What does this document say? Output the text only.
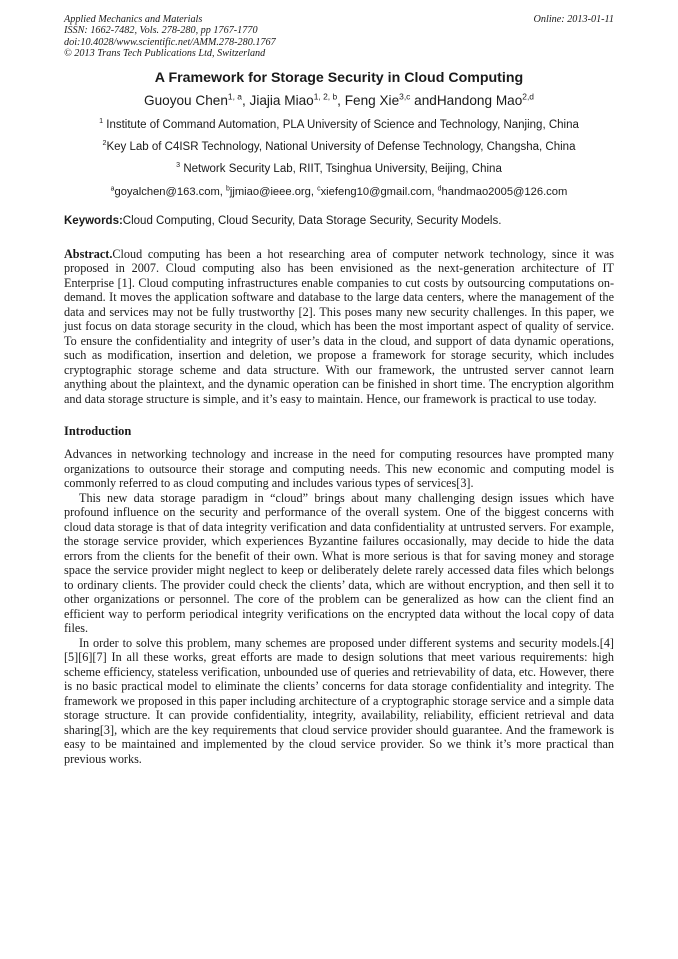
Applied Mechanics and Materials
ISSN: 1662-7482, Vols. 278-280, pp 1767-1770
doi:10.4028/www.scientific.net/AMM.278-280.1767
© 2013 Trans Tech Publications Ltd, Switzerland
Online: 2013-01-11
A Framework for Storage Security in Cloud Computing
Guoyou Chen$^{1, a}$, Jiajia Miao$^{1, 2, b}$, Feng Xie$^{3,c}$ andHandong Mao$^{2,d}$
$^1$ Institute of Command Automation, PLA University of Science and Technology, Nanjing, China
$^2$Key Lab of C4ISR Technology, National University of Defense Technology, Changsha, China
$^3$ Network Security Lab, RIIT, Tsinghua University, Beijing, China
$^a$goyalchen@163.com, $^b$jjmiao@ieee.org, $^c$xiefeng10@gmail.com, $^d$handmao2005@126.com
Keywords:Cloud Computing, Cloud Security, Data Storage Security, Security Models.

Abstract.Cloud computing has been a hot researching area of computer network technology, since it was proposed in 2007. Cloud computing also has been envisioned as the next-generation architecture of IT Enterprise [1]. Cloud computing infrastructures enable companies to cut costs by outsourcing computations on-demand. It moves the application software and database to the large data centers, where the management of the data and services may not be fully trustworthy [2]. This poses many new security challenges. In this paper, we just focus on data storage security in the cloud, which has been the most important aspect of quality of service. To ensure the confidentiality and integrity of user’s data in the cloud, and support of data dynamic operations, such as modification, insertion and deletion, we propose a framework for storage security, which includes cryptographic storage scheme and data structure. With our framework, the untrusted server cannot learn anything about the plaintext, and the dynamic operation can be finished in short time. The encryption algorithm and data storage structure is simple, and it’s easy to maintain. Hence, our framework is practical to use today.

Introduction

Advances in networking technology and increase in the need for computing resources have prompted many organizations to outsource their storage and computing needs. This new economic and computing model is commonly referred to as cloud computing and includes various types of services[3].

This new data storage paradigm in “cloud” brings about many challenging design issues which have profound influence on the security and performance of the overall system. One of the biggest concerns with cloud data storage is that of data integrity verification and data confidentiality at untrusted servers. For example, the storage service provider, which experiences Byzantine failures occasionally, may decide to hide the data errors from the clients for the benefit of their own. What is more serious is that for saving money and storage space the service provider might neglect to keep or deliberately delete rarely accessed data files which belongs to ordinary clients. The provider could check the clients’ data, which are without encryption, and then sell it to other organizations or personnel. The core of the problem can be generalized as how can the client find an efficient way to perform periodical integrity verifications on the encrypted data without the local copy of data files.

In order to solve this problem, many schemes are proposed under different systems and security models.[4][5][6][7] In all these works, great efforts are made to design solutions that meet various requirements: high scheme efficiency, stateless verification, unbounded use of queries and retrievability of data, etc. However, there is no basic practical model to eliminate the clients’ concerns for data storage confidentiality and integrity. The framework we proposed in this paper including architecture of a cryptographic storage service and a simple data storage structure. It can provide confidentiality, integrity, availability, reliability, efficient retrieval and data sharing[3], which are the key requirements that cloud service provider should guarantee. And the framework is easy to be maintained and implemented by the cloud service provider. So we think it’s more practical than previous works.
